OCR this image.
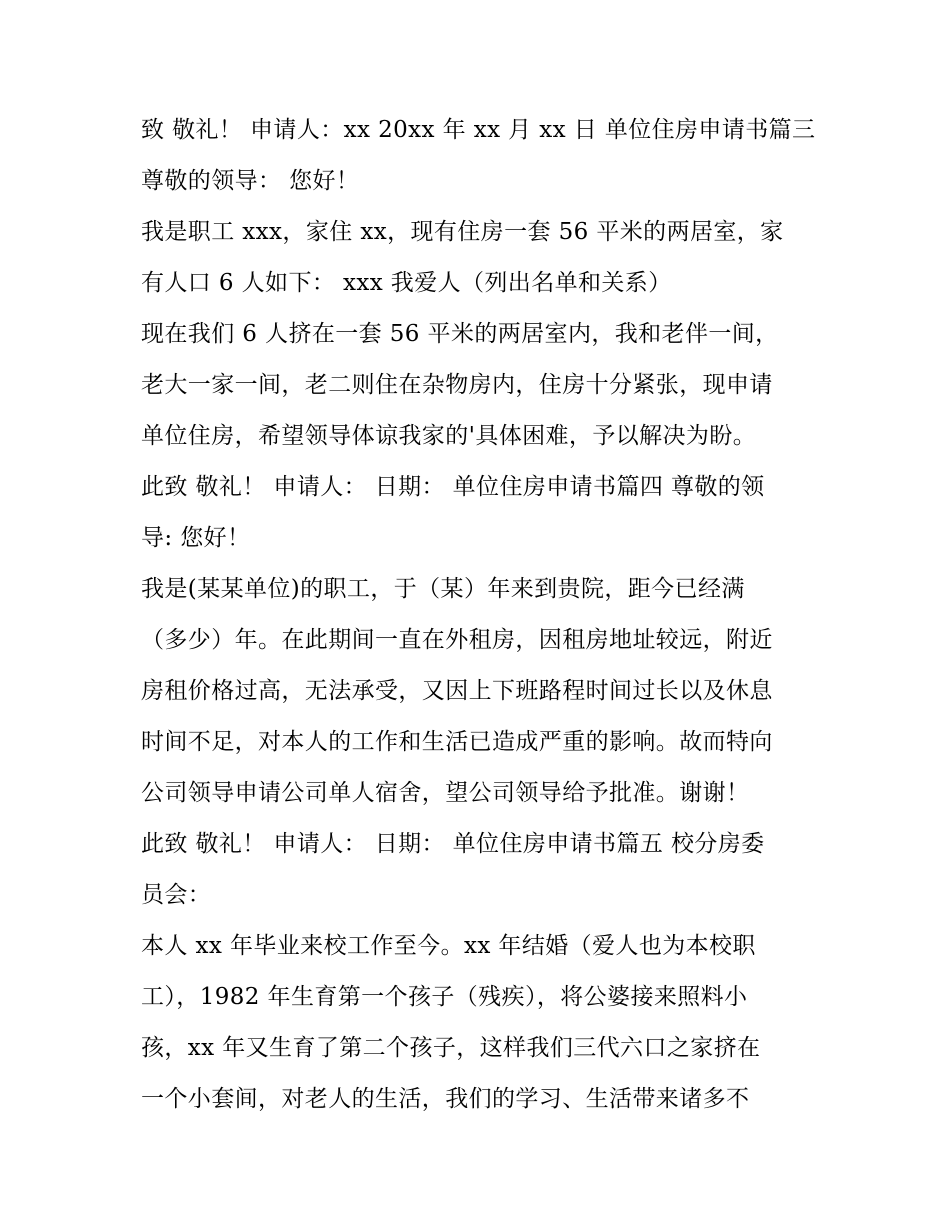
致 敬礼！ 申请人：xx 20xx 年 xx 月 xx 日 单位住房申请书篇三
尊敬的领导： 您好！
我是职工 xxx，家住 xx，现有住房一套 56 平米的两居室，家
有人口 6 人如下： xxx 我爱人（列出名单和关系）
现在我们 6 人挤在一套 56 平米的两居室内，我和老伴一间，
老大一家一间，老二则住在杂物房内，住房十分紧张，现申请
单位住房，希望领导体谅我家的'具体困难，予以解决为盼。
此致 敬礼！ 申请人： 日期： 单位住房申请书篇四 尊敬的领
导: 您好！
我是(某某单位)的职工，于（某）年来到贵院，距今已经满
（多少）年。在此期间一直在外租房，因租房地址较远，附近
房租价格过高，无法承受，又因上下班路程时间过长以及休息
时间不足，对本人的工作和生活已造成严重的影响。故而特向
公司领导申请公司单人宿舍，望公司领导给予批准。谢谢！
此致 敬礼！ 申请人： 日期： 单位住房申请书篇五 校分房委
员会：
本人 xx 年毕业来校工作至今。xx 年结婚（爱人也为本校职
工），1982 年生育第一个孩子（残疾），将公婆接来照料小
孩，xx 年又生育了第二个孩子，这样我们三代六口之家挤在
一个小套间，对老人的生活，我们的学习、生活带来诸多不
